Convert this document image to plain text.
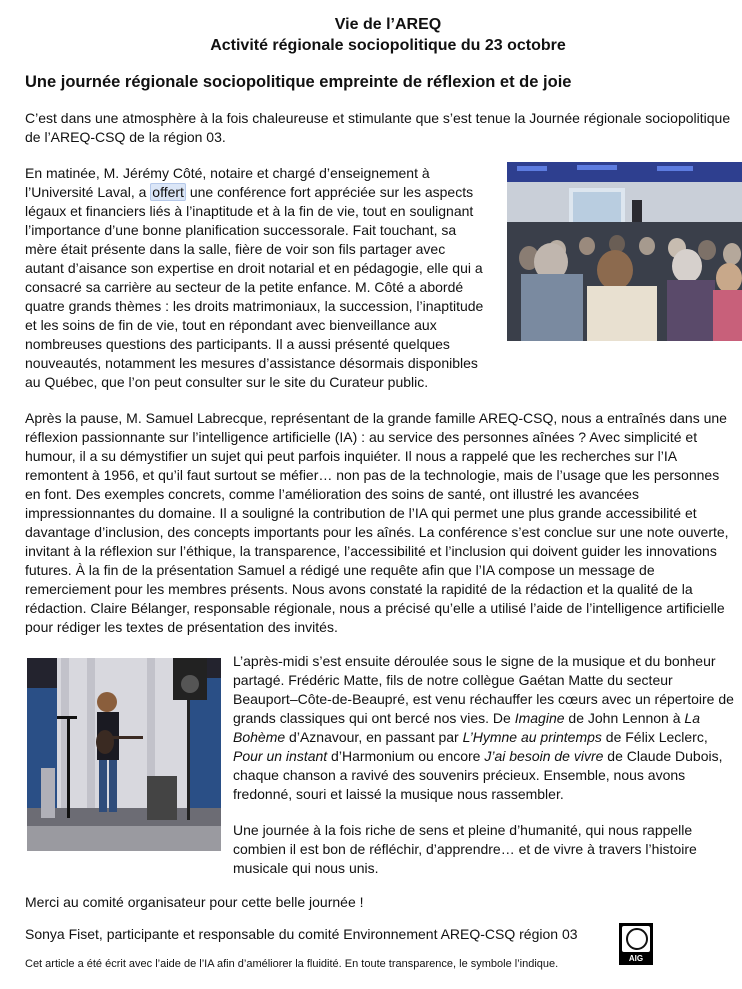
Vie de l’AREQ
Activité régionale sociopolitique du 23 octobre
Une journée régionale sociopolitique empreinte de réflexion et de joie
C’est dans une atmosphère à la fois chaleureuse et stimulante que s’est tenue la Journée régionale sociopolitique
de l’AREQ-CSQ de la région 03.
En matinée, M. Jérémy Côté, notaire et chargé d’enseignement à
l’Université Laval, a offert une conférence fort appréciée sur les aspects
légaux et financiers liés à l’inaptitude et à la fin de vie, tout en soulignant
l’importance d’une bonne planification successorale. Fait touchant, sa
mère était présente dans la salle, fière de voir son fils partager avec
autant d’aisance son expertise en droit notarial et en pédagogie, elle qui a
consacré sa carrière au secteur de la petite enfance. M. Côté a abordé
quatre grands thèmes : les droits matrimoniaux, la succession, l’inaptitude
et les soins de fin de vie, tout en répondant avec bienveillance aux
nombreuses questions des participants. Il a aussi présenté quelques
nouveautés, notamment les mesures d’assistance désormais disponibles
au Québec, que l’on peut consulter sur le site du Curateur public.
Après la pause, M. Samuel Labrecque, représentant de la grande famille AREQ-CSQ, nous a entraînés dans une
réflexion passionnante sur l’intelligence artificielle (IA) : au service des personnes aînées ? Avec simplicité et
humour, il a su démystifier un sujet qui peut parfois inquiéter. Il nous a rappelé que les recherches sur l’IA
remontent à 1956, et qu’il faut surtout se méfier… non pas de la technologie, mais de l’usage que les personnes
en font. Des exemples concrets, comme l’amélioration des soins de santé, ont illustré les avancées
impressionnantes du domaine. Il a souligné la contribution de l’IA qui permet une plus grande accessibilité et
davantage d’inclusion, des concepts importants pour les aînés. La conférence s’est conclue sur une note ouverte,
invitant à la réflexion sur l’éthique, la transparence, l’accessibilité et l’inclusion qui doivent guider les innovations
futures. À la fin de la présentation Samuel a rédigé une requête afin que l’IA compose un message de
remerciement pour les membres présents. Nous avons constaté la rapidité de la rédaction et la qualité de la
rédaction. Claire Bélanger, responsable régionale, nous a précisé qu’elle a utilisé l’aide de l’intelligence artificielle
pour rédiger les textes de présentation des invités.
L’après-midi s’est ensuite déroulée sous le signe de la musique et du bonheur
partagé. Frédéric Matte, fils de notre collègue Gaétan Matte du secteur
Beauport–Côte-de-Beaupré, est venu réchauffer les cœurs avec un répertoire de
grands classiques qui ont bercé nos vies. De Imagine de John Lennon à La
Bohème d’Aznavour, en passant par L’Hymne au printemps de Félix Leclerc,
Pour un instant d’Harmonium ou encore J’ai besoin de vivre de Claude Dubois,
chaque chanson a ravivé des souvenirs précieux. Ensemble, nous avons
fredonné, souri et laissé la musique nous rassembler.
Une journée à la fois riche de sens et pleine d’humanité, qui nous rappelle
combien il est bon de réfléchir, d’apprendre… et de vivre à travers l’histoire
musicale qui nous unis.
Merci au comité organisateur pour cette belle journée !
Sonya Fiset, participante et responsable du comité Environnement AREQ-CSQ région 03
AIG
Cet article a été écrit avec l’aide de l’IA afin d’améliorer la fluidité. En toute transparence, le symbole l’indique.
